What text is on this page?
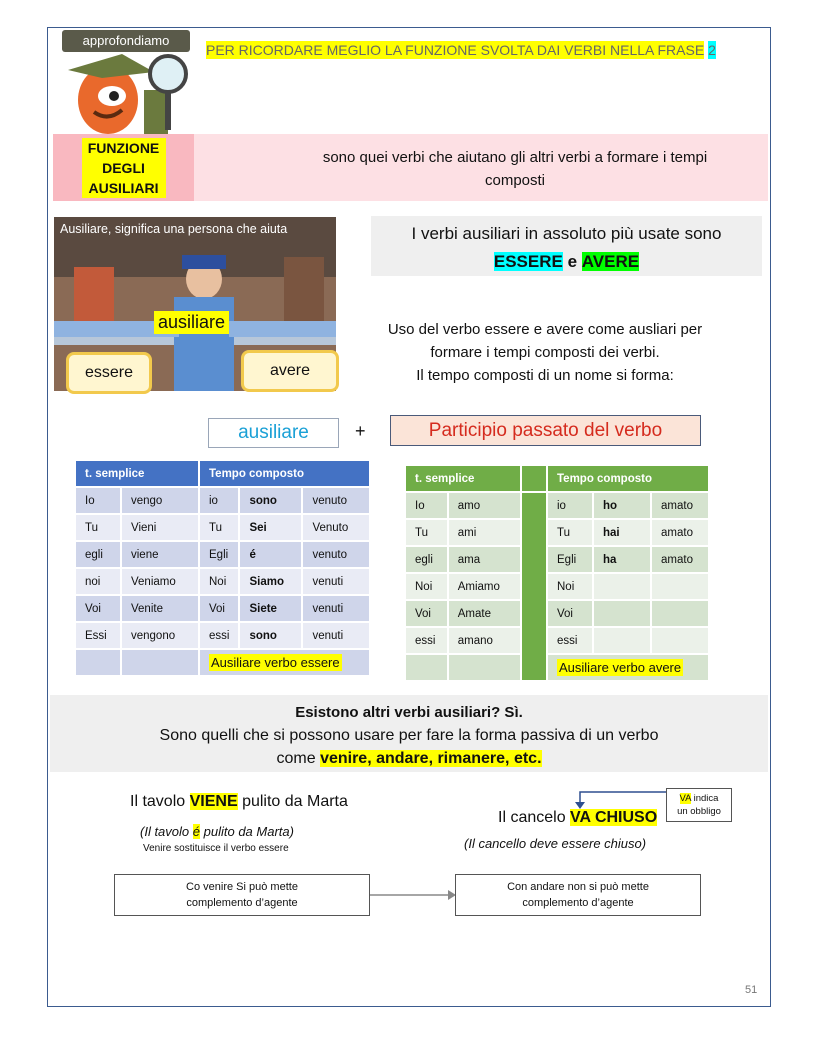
approfondiamo
PER RICORDARE MEGLIO LA FUNZIONE SVOLTA DAI VERBI NELLA FRASE 2
FUNZIONE
DEGLI
AUSILIARI
sono quei verbi che aiutano gli altri verbi a formare i tempi
composti
Ausiliare, significa una persona che aiuta
ausiliare
essere	avere
I verbi ausiliari in assoluto più usate sono
ESSERE e AVERE
Uso del verbo essere e avere come ausliari per
formare i tempi composti dei verbi.
Il tempo composti di un nome si forma:
ausiliare	+	Participio passato del verbo
t. semplice		Tempo composto		
Io	vengo	io	sono	venuto
Tu	Vieni	Tu	Sei	Venuto
egli	viene	Egli	é	venuto
noi	Veniamo	Noi	Siamo	venuti
Voi	Venite	Voi	Siete	venuti
Essi	vengono	essi	sono	venuti
		Ausiliare verbo essere		
t. semplice			Tempo composto		
Io	amo		io	ho	amato
Tu	ami		Tu	hai	amato
egli	ama		Egli	ha	amato
Noi	Amiamo		Noi		
Voi	Amate		Voi		
essi	amano		essi		
			Ausiliare verbo avere		
Esistono altri verbi ausiliari? Sì.
Sono quelli che si possono usare per fare la forma passiva di un verbo
come venire, andare, rimanere, etc.
Il tavolo VIENE pulito da Marta
(Il tavolo é pulito da Marta)
Venire sostituisce il verbo essere
Il cancelo VA CHIUSO
(Il cancello deve essere chiuso)
VA indica
un obbligo
Co venire Si può mette
complemento d’agente
Con andare non si può mette
complemento d’agente
51
